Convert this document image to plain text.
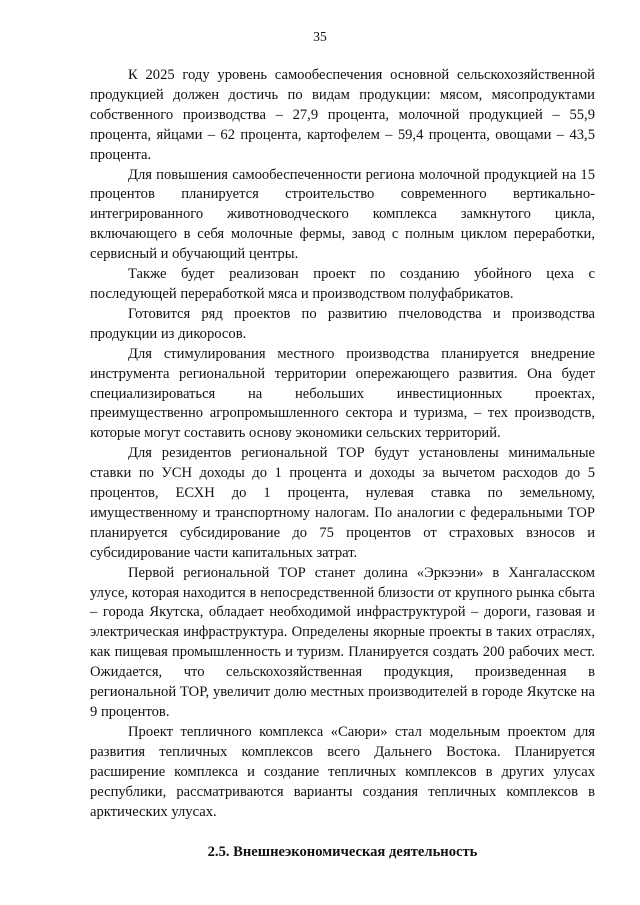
35

К 2025 году уровень самообеспечения основной сельскохозяйственной продукцией должен достичь по видам продукции: мясом, мясопродуктами собственного производства – 27,9 процента, молочной продукцией – 55,9 процента, яйцами – 62 процента, картофелем – 59,4 процента, овощами – 43,5 процента.

Для повышения самообеспеченности региона молочной продукцией на 15 процентов планируется строительство современного вертикально-интегрированного животноводческого комплекса замкнутого цикла, включающего в себя молочные фермы, завод с полным циклом переработки, сервисный и обучающий центры.

Также будет реализован проект по созданию убойного цеха с последующей переработкой мяса и производством полуфабрикатов.

Готовится ряд проектов по развитию пчеловодства и производства продукции из дикоросов.

Для стимулирования местного производства планируется внедрение инструмента региональной территории опережающего развития. Она будет специализироваться на небольших инвестиционных проектах, преимущественно агропромышленного сектора и туризма, – тех производств, которые могут составить основу экономики сельских территорий.

Для резидентов региональной ТОР будут установлены минимальные ставки по УСН доходы до 1 процента и доходы за вычетом расходов до 5 процентов, ЕСХН до 1 процента, нулевая ставка по земельному, имущественному и транспортному налогам. По аналогии с федеральными ТОР планируется субсидирование до 75 процентов от страховых взносов и субсидирование части капитальных затрат.

Первой региональной ТОР станет долина «Эркээни» в Хангаласском улусе, которая находится в непосредственной близости от крупного рынка сбыта – города Якутска, обладает необходимой инфраструктурой – дороги, газовая и электрическая инфраструктура. Определены якорные проекты в таких отраслях, как пищевая промышленность и туризм. Планируется создать 200 рабочих мест. Ожидается, что сельскохозяйственная продукция, произведенная в региональной ТОР, увеличит долю местных производителей в городе Якутске на 9 процентов.

Проект тепличного комплекса «Саюри» стал модельным проектом для развития тепличных комплексов всего Дальнего Востока. Планируется расширение комплекса и создание тепличных комплексов в других улусах республики, рассматриваются варианты создания тепличных комплексов в арктических улусах.

2.5. Внешнеэкономическая деятельность
